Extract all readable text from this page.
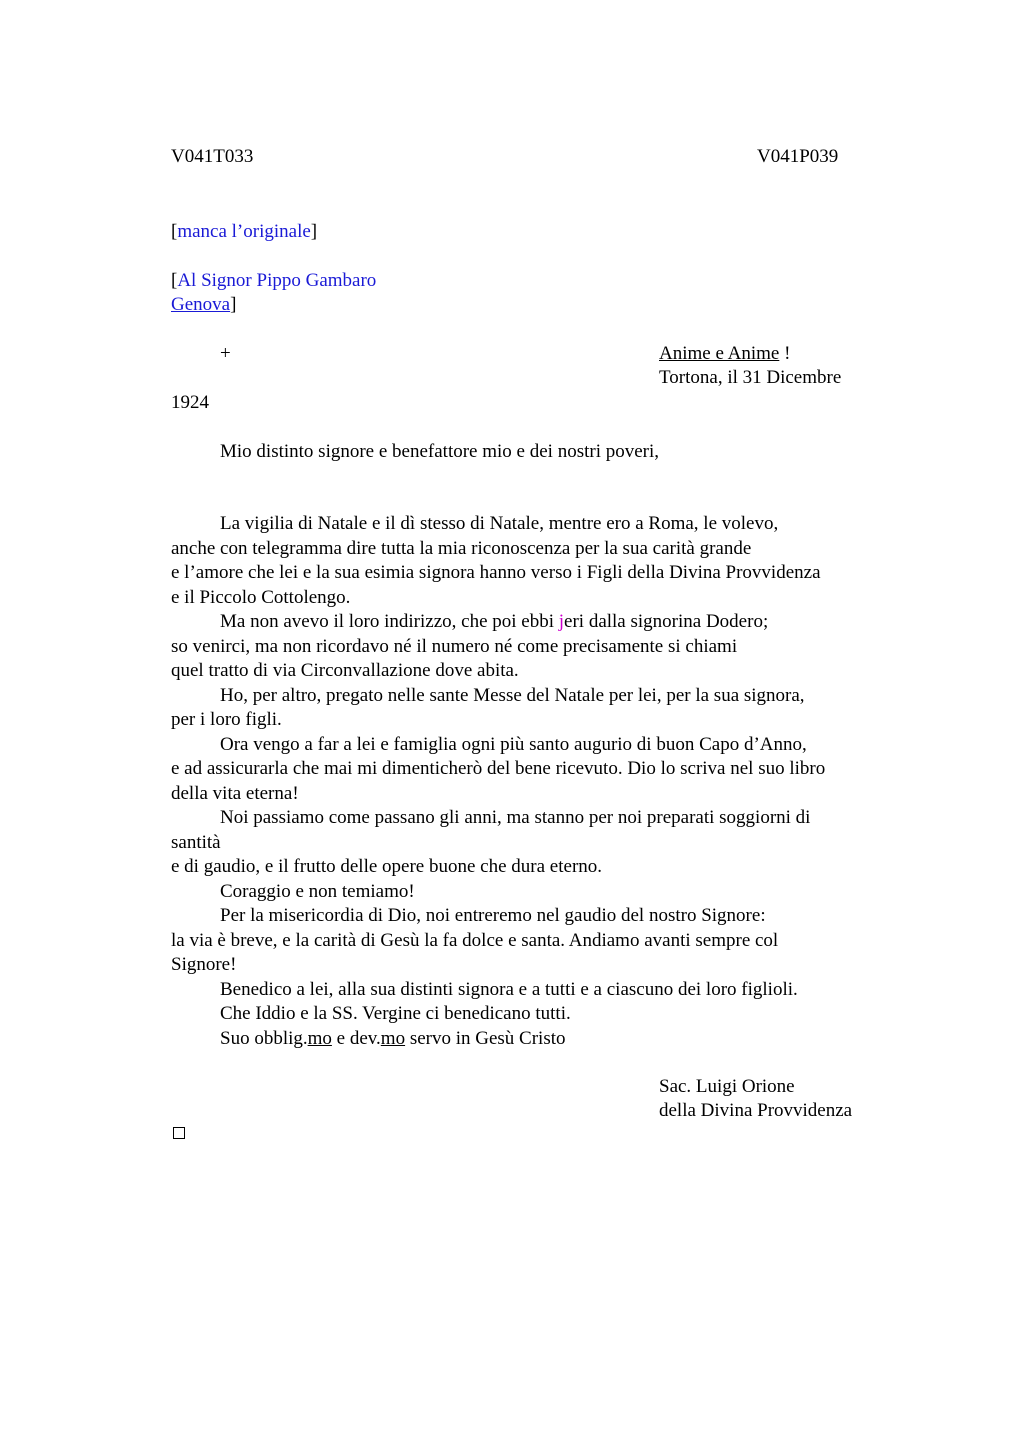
V041T033	V041P039
[manca l’originale]
[Al Signor Pippo Gambaro
Genova]
+	Anime e Anime !
Tortona, il 31 Dicembre
1924
Mio distinto signore e benefattore mio e dei nostri poveri,
La vigilia di Natale e il dì stesso di Natale, mentre ero a Roma, le volevo,
anche con telegramma dire tutta la mia riconoscenza per la sua carità grande
e l’amore che lei e la sua esimia signora hanno verso i Figli della Divina Provvidenza
e il Piccolo Cottolengo.
Ma non avevo il loro indirizzo, che poi ebbi jeri dalla signorina Dodero;
so venirci, ma non ricordavo né il numero né come precisamente si chiami
quel tratto di via Circonvallazione dove abita.
Ho, per altro, pregato nelle sante Messe del Natale per lei, per la sua signora,
per i loro figli.
Ora vengo a far a lei e famiglia ogni più santo augurio di buon Capo d’Anno,
e ad assicurarla che mai mi dimenticherò del bene ricevuto. Dio lo scriva nel suo libro
della vita eterna!
Noi passiamo come passano gli anni, ma stanno per noi preparati soggiorni di
santità
e di gaudio, e il frutto delle opere buone che dura eterno.
Coraggio e non temiamo!
Per la misericordia di Dio, noi entreremo nel gaudio del nostro Signore:
la via è breve, e la carità di Gesù la fa dolce e santa. Andiamo avanti sempre col
Signore!
Benedico a lei, alla sua distinti signora e a tutti e a ciascuno dei loro figlioli.
Che Iddio e la SS. Vergine ci benedicano tutti.
Suo obblig.mo e dev.mo servo in Gesù Cristo
Sac. Luigi Orione
della Divina Provvidenza
